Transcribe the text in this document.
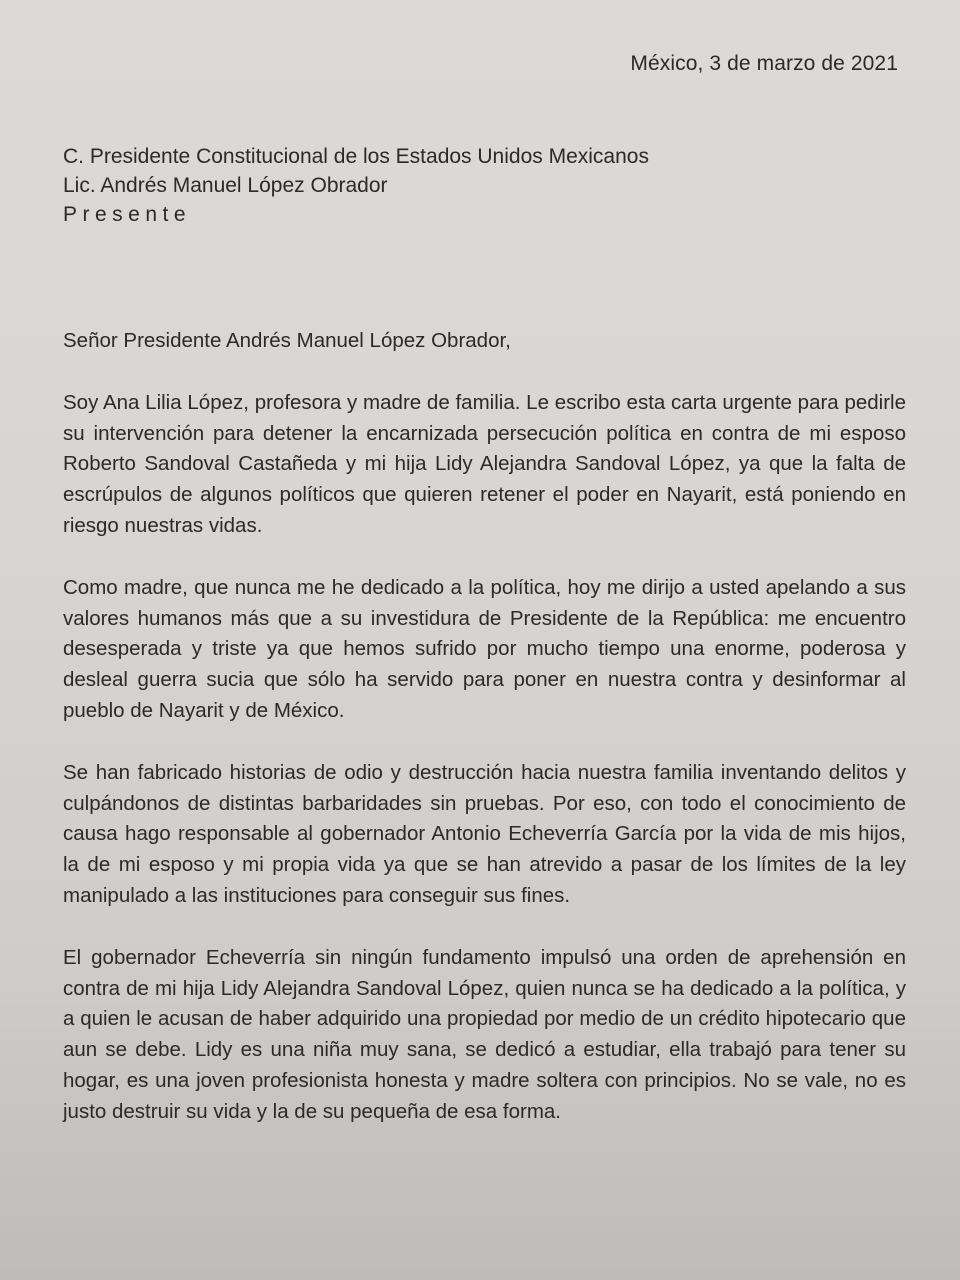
México, 3 de marzo de 2021
C. Presidente Constitucional de los Estados Unidos Mexicanos
Lic. Andrés Manuel López Obrador
Presente

Señor Presidente Andrés Manuel López Obrador,

Soy Ana Lilia López, profesora y madre de familia. Le escribo esta carta urgente para pedirle su intervención para detener la encarnizada persecución política en contra de mi esposo Roberto Sandoval Castañeda y mi hija Lidy Alejandra Sandoval López, ya que la falta de escrúpulos de algunos políticos que quieren retener el poder en Nayarit, está poniendo en riesgo nuestras vidas.

Como madre, que nunca me he dedicado a la política, hoy me dirijo a usted apelando a sus valores humanos más que a su investidura de Presidente de la República: me encuentro desesperada y triste ya que hemos sufrido por mucho tiempo una enorme, poderosa y desleal guerra sucia que sólo ha servido para poner en nuestra contra y desinformar al pueblo de Nayarit y de México.

Se han fabricado historias de odio y destrucción hacia nuestra familia inventando delitos y culpándonos de distintas barbaridades sin pruebas. Por eso, con todo el conocimiento de causa hago responsable al gobernador Antonio Echeverría García por la vida de mis hijos, la de mi esposo y mi propia vida ya que se han atrevido a pasar de los límites de la ley manipulado a las instituciones para conseguir sus fines.

El gobernador Echeverría sin ningún fundamento impulsó una orden de aprehensión en contra de mi hija Lidy Alejandra Sandoval López, quien nunca se ha dedicado a la política, y a quien le acusan de haber adquirido una propiedad por medio de un crédito hipotecario que aun se debe. Lidy es una niña muy sana, se dedicó a estudiar, ella trabajó para tener su hogar, es una joven profesionista honesta y madre soltera con principios. No se vale, no es justo destruir su vida y la de su pequeña de esa forma.
